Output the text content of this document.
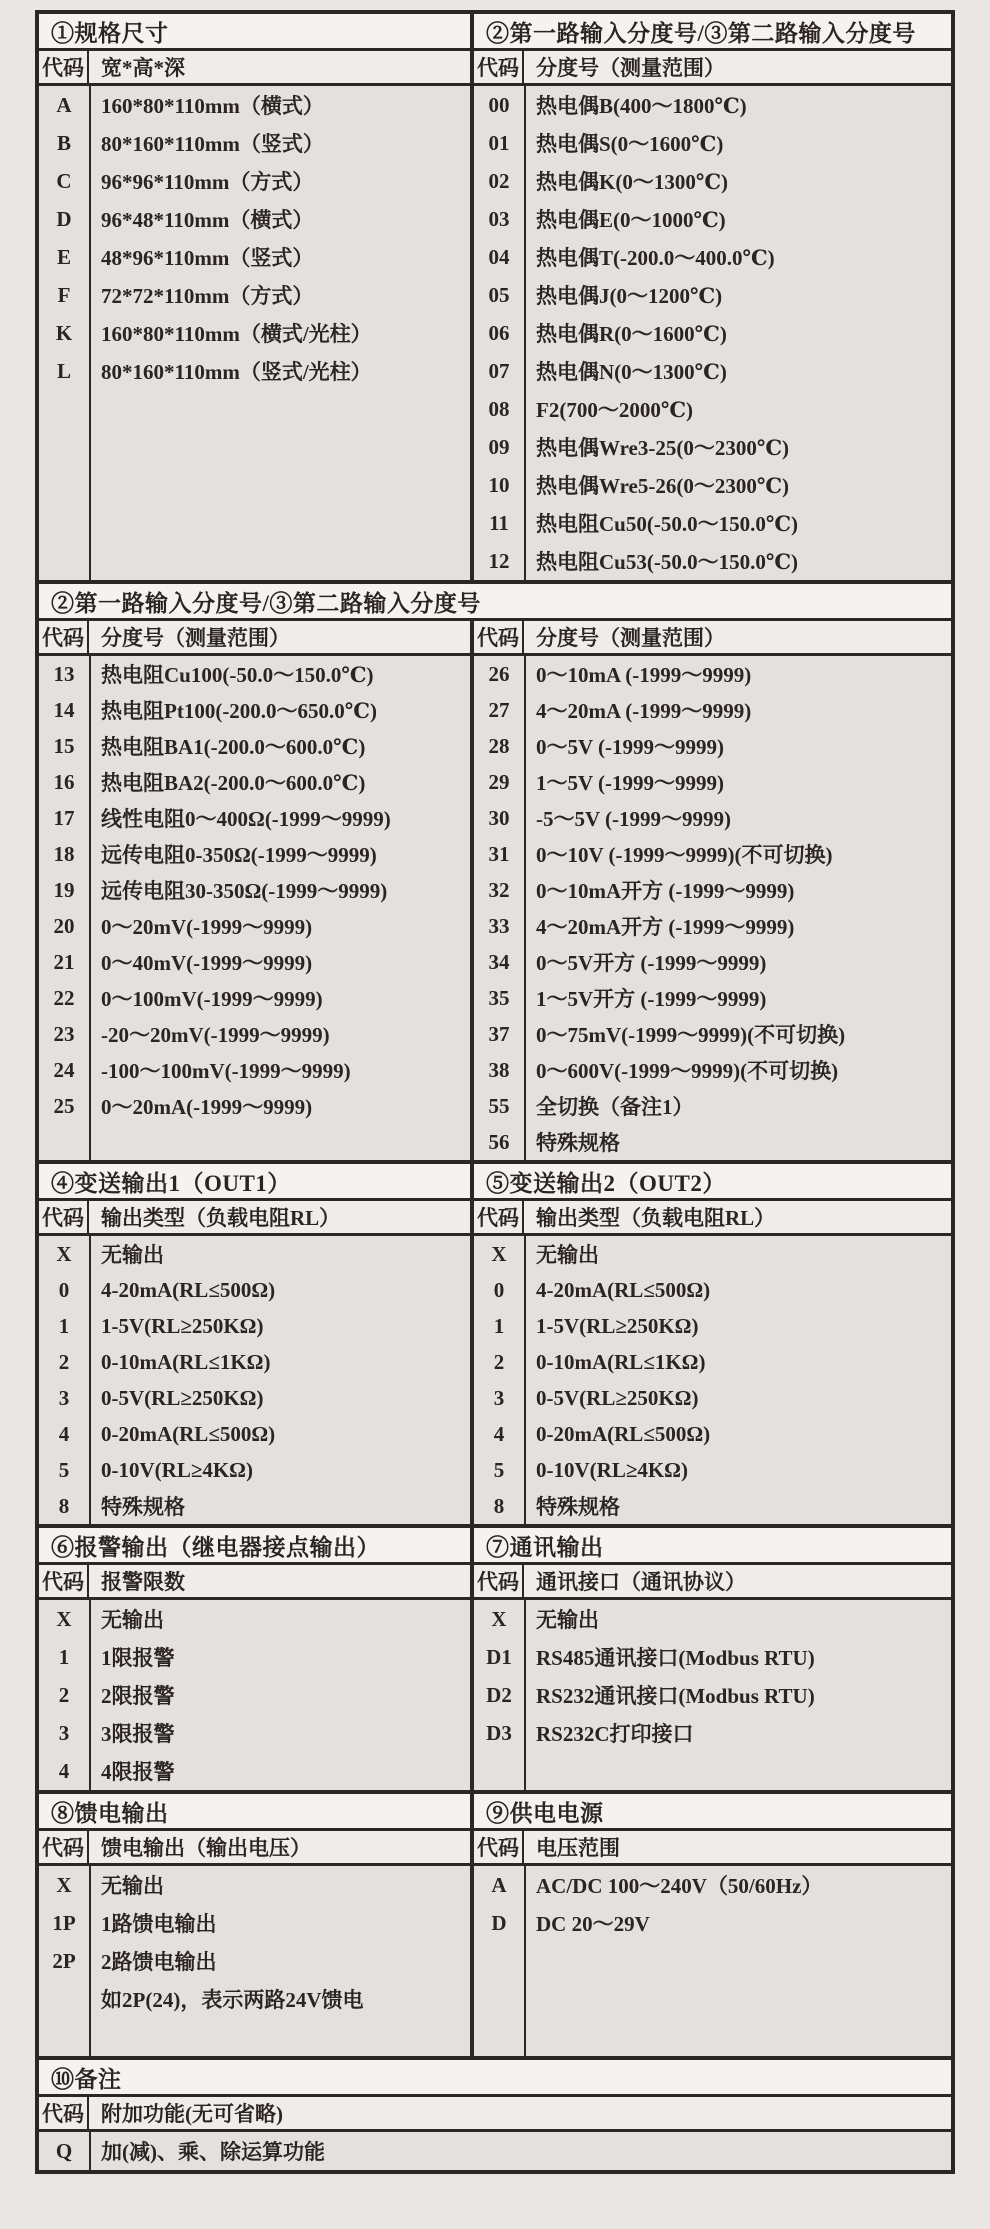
①规格尺寸
代码 宽*高*深
A	160*80*110mm（横式）
B	80*160*110mm（竖式）
C	96*96*110mm（方式）
D	96*48*110mm（横式）
E	48*96*110mm（竖式）
F	72*72*110mm（方式）
K	160*80*110mm（横式/光柱）
L	80*160*110mm（竖式/光柱）
②第一路输入分度号/③第二路输入分度号
代码 分度号（测量范围）
00	热电偶B(400～1800℃)
01	热电偶S(0～1600℃)
02	热电偶K(0～1300℃)
03	热电偶E(0～1000℃)
04	热电偶T(-200.0～400.0℃)
05	热电偶J(0～1200℃)
06	热电偶R(0～1600℃)
07	热电偶N(0～1300℃)
08	F2(700～2000℃)
09	热电偶Wre3-25(0～2300℃)
10	热电偶Wre5-26(0～2300℃)
11	热电阻Cu50(-50.0～150.0℃)
12	热电阻Cu53(-50.0～150.0℃)
②第一路输入分度号/③第二路输入分度号
代码 分度号（测量范围）
13	热电阻Cu100(-50.0～150.0℃)
14	热电阻Pt100(-200.0～650.0℃)
15	热电阻BA1(-200.0～600.0℃)
16	热电阻BA2(-200.0～600.0℃)
17	线性电阻0～400Ω(-1999～9999)
18	远传电阻0-350Ω(-1999～9999)
19	远传电阻30-350Ω(-1999～9999)
20	0～20mV(-1999～9999)
21	0～40mV(-1999～9999)
22	0～100mV(-1999～9999)
23	-20～20mV(-1999～9999)
24	-100～100mV(-1999～9999)
25	0～20mA(-1999～9999)
代码 分度号（测量范围）
26	0～10mA (-1999～9999)
27	4～20mA (-1999～9999)
28	0～5V (-1999～9999)
29	1～5V (-1999～9999)
30	-5～5V (-1999～9999)
31	0～10V (-1999～9999)(不可切换)
32	0～10mA开方 (-1999～9999)
33	4～20mA开方 (-1999～9999)
34	0～5V开方 (-1999～9999)
35	1～5V开方 (-1999～9999)
37	0～75mV(-1999～9999)(不可切换)
38	0～600V(-1999～9999)(不可切换)
55	全切换（备注1）
56	特殊规格
④变送输出1（OUT1）
代码 输出类型（负载电阻RL）
X	无输出
0	4-20mA(RL≤500Ω)
1	1-5V(RL≥250KΩ)
2	0-10mA(RL≤1KΩ)
3	0-5V(RL≥250KΩ)
4	0-20mA(RL≤500Ω)
5	0-10V(RL≥4KΩ)
8	特殊规格
⑤变送输出2（OUT2）
代码 输出类型（负载电阻RL）
X	无输出
0	4-20mA(RL≤500Ω)
1	1-5V(RL≥250KΩ)
2	0-10mA(RL≤1KΩ)
3	0-5V(RL≥250KΩ)
4	0-20mA(RL≤500Ω)
5	0-10V(RL≥4KΩ)
8	特殊规格
⑥报警输出（继电器接点输出）
代码 报警限数
X	无输出
1	1限报警
2	2限报警
3	3限报警
4	4限报警
⑦通讯输出
代码 通讯接口（通讯协议）
X	无输出
D1	RS485通讯接口(Modbus RTU)
D2	RS232通讯接口(Modbus RTU)
D3	RS232C打印接口
⑧馈电输出
代码 馈电输出（输出电压）
X	无输出
1P	1路馈电输出
2P	2路馈电输出
如2P(24)，表示两路24V馈电
⑨供电电源
代码 电压范围
A	AC/DC 100～240V（50/60Hz）
D	DC 20～29V
⑩备注
代码 附加功能(无可省略)
Q	加(减)、乘、除运算功能
